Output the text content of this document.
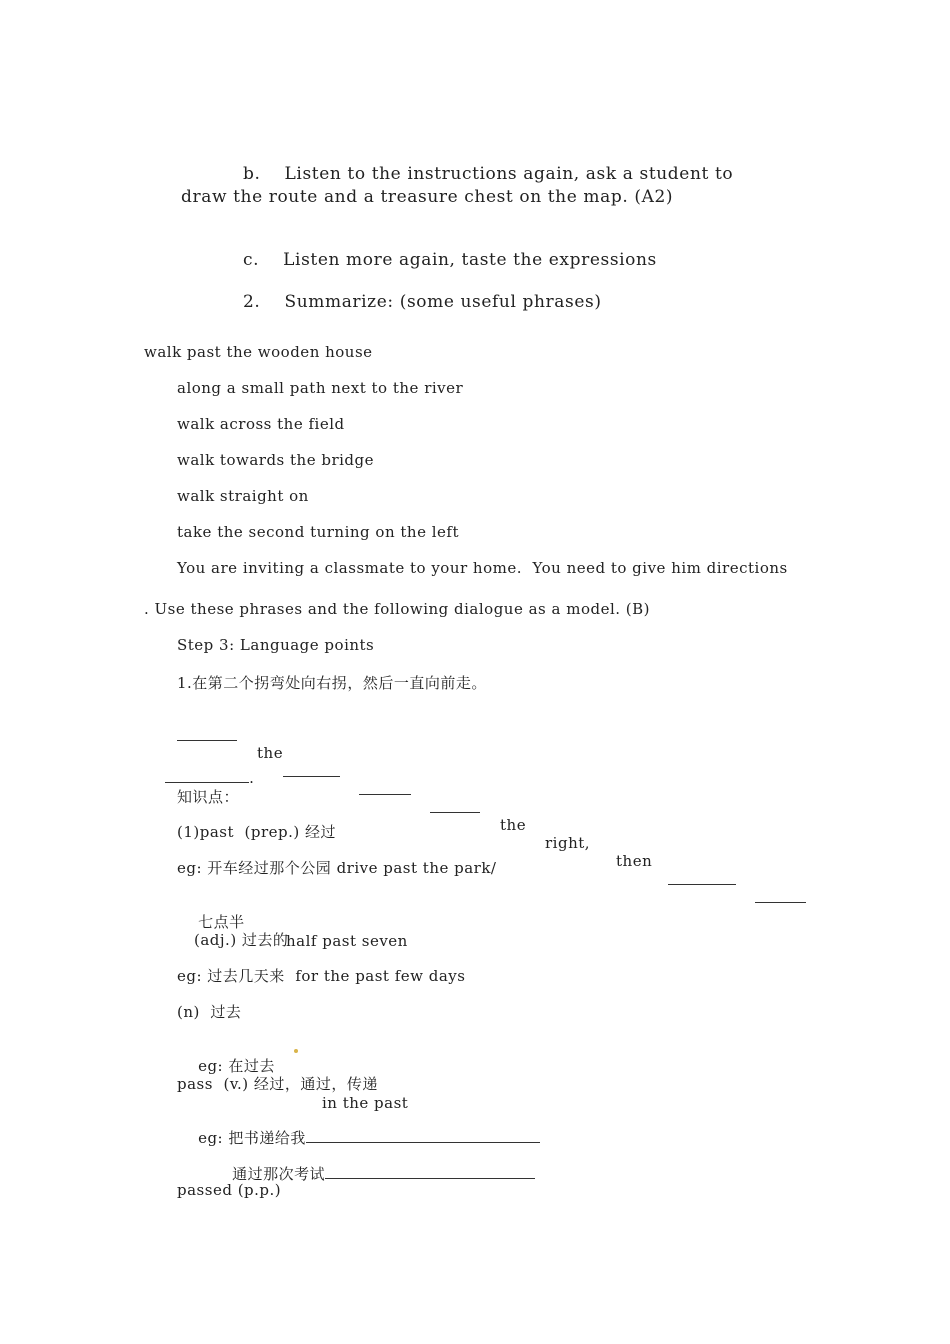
b. Listen to the instructions again, ask a student to

draw the route and a treasure chest on the map. (A2)

c. Listen more again, taste the expressions

2. Summarize: (some useful phrases)

walk past the wooden house
along a small path next to the river
walk across the field
walk towards the bridge
walk straight on
take the second turning on the left
You are inviting a classmate to your home.  You need to give him directions
. Use these phrases and the following dialogue as a model. (B)
Step 3: Language points
1.在第二个拐弯处向右拐，然后一直向前走。

the

the

right,

then

.

知识点：
(1)past  (prep.) 经过
eg: 开车经过那个公园 drive past the park/

七点半

half past seven

(adj.) 过去的
eg: 过去几天来  for the past few days
(n)  过去

eg: 在过去

in the past

pass  (v.) 经过，通过，传递

eg: 把书递给我

通过那次考试

passed (p.p.)
